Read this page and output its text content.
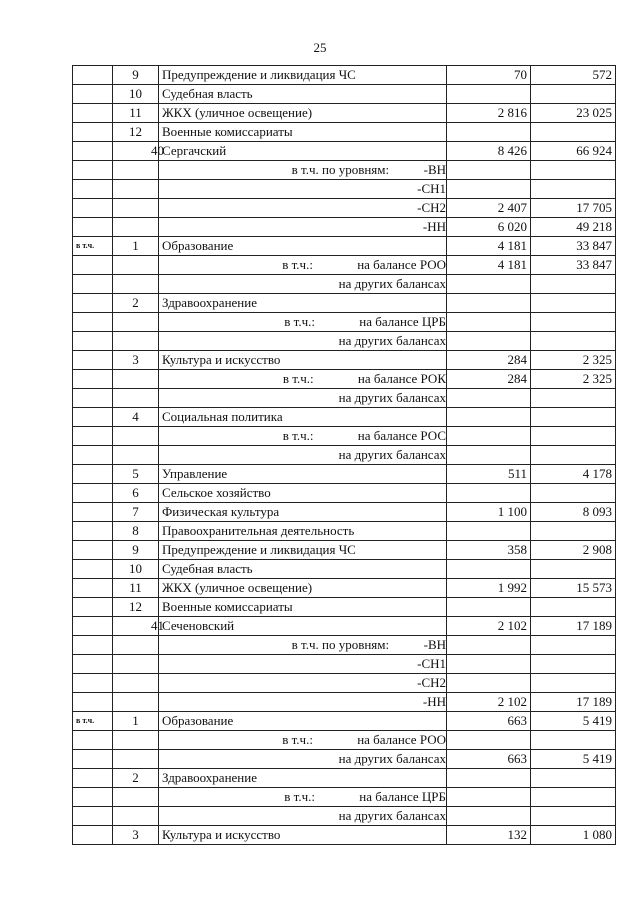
25
	9	Предупреждение и ликвидация ЧС	70	572
	10	Судебная власть		
	11	ЖКХ (уличное освещение)	2 816	23 025
	12	Военные комиссариаты		
	40	Сергачский	8 426	66 924
		в т.ч. по уровням: -ВН		
		-СН1		
		-СН2	2 407	17 705
		-НН	6 020	49 218
в т.ч.	1	Образование	4 181	33 847
		в т.ч.: на балансе РОО	4 181	33 847
		на других балансах		
	2	Здравоохранение		
		в т.ч.: на балансе ЦРБ		
		на других балансах		
	3	Культура и искусство	284	2 325
		в т.ч.: на балансе РОК	284	2 325
		на других балансах		
	4	Социальная политика		
		в т.ч.: на балансе РОС		
		на других балансах		
	5	Управление	511	4 178
	6	Сельское хозяйство		
	7	Физическая культура	1 100	8 093
	8	Правоохранительная деятельность		
	9	Предупреждение и ликвидация ЧС	358	2 908
	10	Судебная власть		
	11	ЖКХ (уличное освещение)	1 992	15 573
	12	Военные комиссариаты		
	41	Сеченовский	2 102	17 189
		в т.ч. по уровням: -ВН		
		-СН1		
		-СН2		
		-НН	2 102	17 189
в т.ч.	1	Образование	663	5 419
		в т.ч.: на балансе РОО		
		на других балансах	663	5 419
	2	Здравоохранение		
		в т.ч.: на балансе ЦРБ		
		на других балансах		
	3	Культура и искусство	132	1 080
